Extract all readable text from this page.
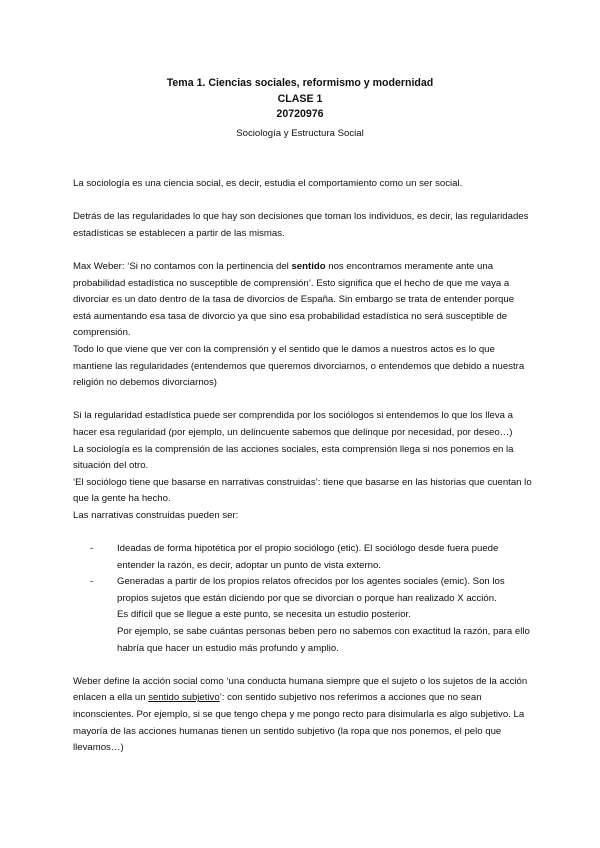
Tema 1. Ciencias sociales, reformismo y modernidad
CLASE 1
20720976
Sociología y Estructura Social

La sociología es una ciencia social, es decir, estudia el comportamiento como un ser social.

Detrás de las regularidades lo que hay son decisiones que toman los individuos, es decir, las regularidades estadísticas se establecen a partir de las mismas.

Max Weber: ‘Si no contamos con la pertinencia del sentido nos encontramos meramente ante una probabilidad estadística no susceptible de comprensión’. Esto significa que el hecho de que me vaya a divorciar es un dato dentro de la tasa de divorcios de España. Sin embargo se trata de entender porque está aumentando esa tasa de divorcio ya que sino esa probabilidad estadística no será susceptible de comprensión.

Todo lo que viene que ver con la comprensión y el sentido que le damos a nuestros actos es lo que mantiene las regularidades (entendemos que queremos divorciarnos, o entendemos que debido a nuestra religión no debemos divorciarnos)

Si la regularidad estadística puede ser comprendida por los sociólogos si entendemos lo que los lleva a hacer esa regularidad (por ejemplo, un delincuente sabemos que delinque por necesidad, por deseo…)

La sociología es la comprensión de las acciones sociales, esta comprensión llega si nos ponemos en la situación del otro.

‘El sociólogo tiene que basarse en narrativas construidas’: tiene que basarse en las historias que cuentan lo que la gente ha hecho.

Las narrativas construidas pueden ser:

- Ideadas de forma hipotética por el propio sociólogo (etic). El sociólogo desde fuera puede entender la razón, es decir, adoptar un punto de vista externo.

- Generadas a partir de los propios relatos ofrecidos por los agentes sociales (emic). Son los propios sujetos que están diciendo por que se divorcian o porque han realizado X acción.

Es difícil que se llegue a este punto, se necesita un estudio posterior.

Por ejemplo, se sabe cuántas personas beben pero no sabemos con exactitud la razón, para ello habría que hacer un estudio más profundo y amplio.

Weber define la acción social como ‘una conducta humana siempre que el sujeto o los sujetos de la acción enlacen a ella un sentido subjetivo’: con sentido subjetivo nos referimos a acciones que no sean inconscientes. Por ejemplo, si se que tengo chepa y me pongo recto para disimularla es algo subjetivo. La mayoría de las acciones humanas tienen un sentido subjetivo (la ropa que nos ponemos, el pelo que llevamos…)
